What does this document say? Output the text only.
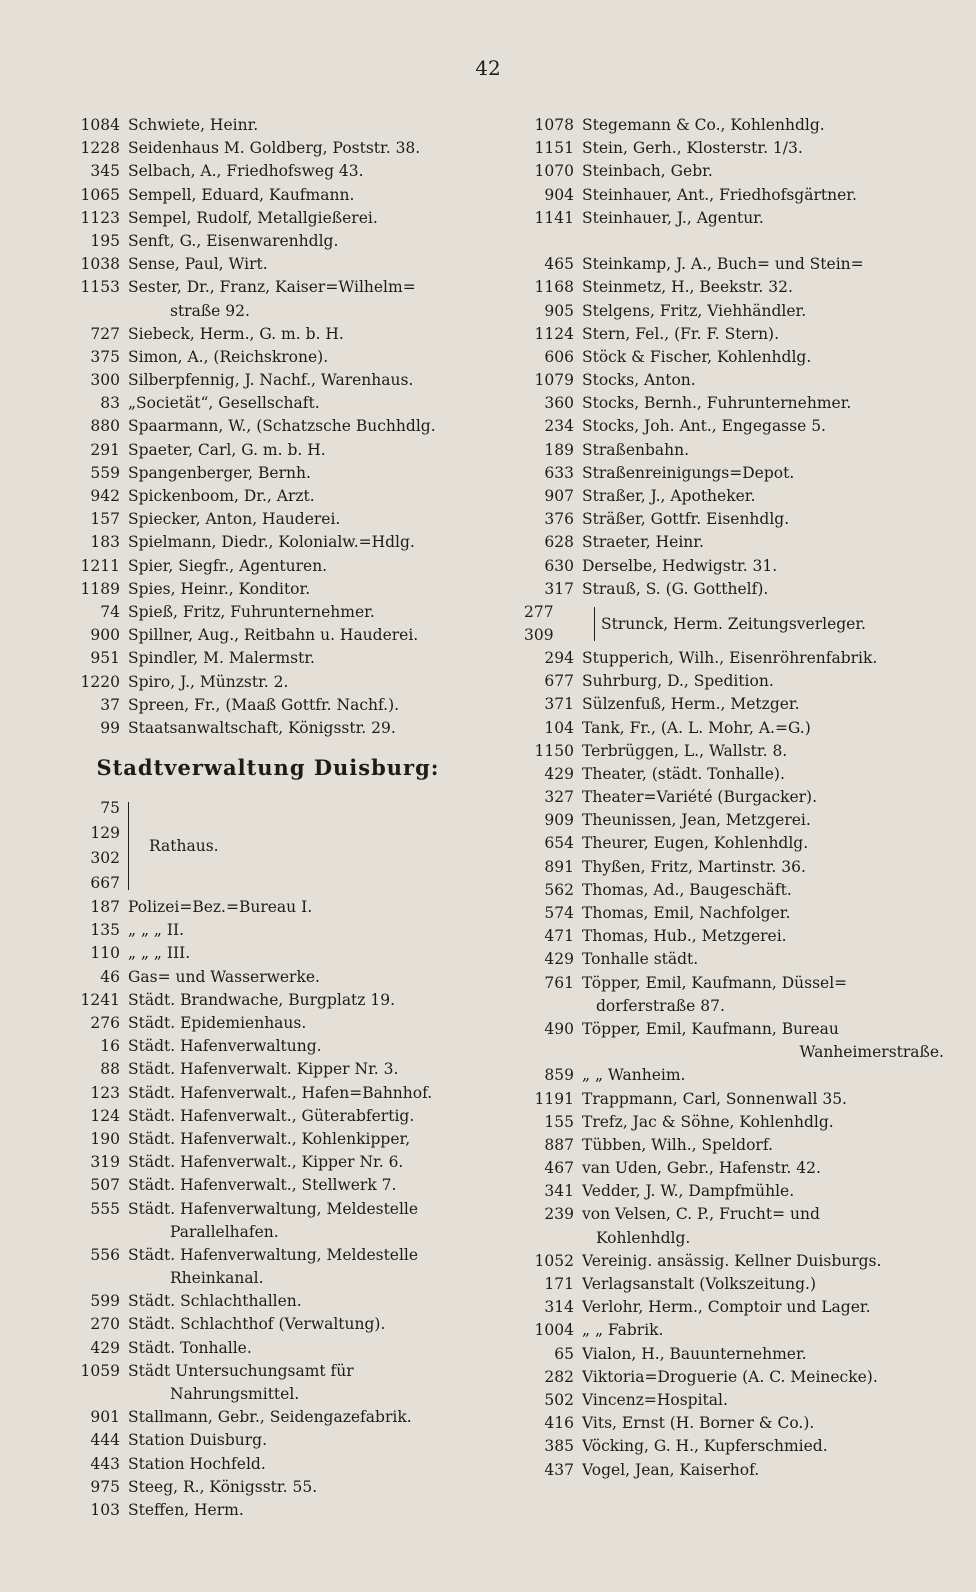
42
1084 Schwiete, Heinr.
1228 Seidenhaus M. Goldberg, Poststr. 38.
345 Selbach, A., Friedhofsweg 43.
1065 Sempell, Eduard, Kaufmann.
1123 Sempel, Rudolf, Metallgießerei.
195 Senft, G., Eisenwarenhdlg.
1038 Sense, Paul, Wirt.
1153 Sester, Dr., Franz, Kaiser=Wilhelm=
straße 92.
727 Siebeck, Herm., G. m. b. H.
375 Simon, A., (Reichskrone).
300 Silberpfennig, J. Nachf., Warenhaus.
83 „Societät“, Gesellschaft.
880 Spaarmann, W., (Schatzsche Buchhdlg.
291 Spaeter, Carl, G. m. b. H.
559 Spangenberger, Bernh.
942 Spickenboom, Dr., Arzt.
157 Spiecker, Anton, Hauderei.
183 Spielmann, Diedr., Kolonialw.=Hdlg.
1211 Spier, Siegfr., Agenturen.
1189 Spies, Heinr., Konditor.
74 Spieß, Fritz, Fuhrunternehmer.
900 Spillner, Aug., Reitbahn u. Hauderei.
951 Spindler, M. Malermstr.
1220 Spiro, J., Münzstr. 2.
37 Spreen, Fr., (Maaß Gottfr. Nachf.).
99 Staatsanwaltschaft, Königsstr. 29.
Stadtverwaltung Duisburg:
75
129
302
667
Rathaus.
187 Polizei=Bez.=Bureau I.
135 „ „ „ II.
110 „ „ „ III.
46 Gas= und Wasserwerke.
1241 Städt. Brandwache, Burgplatz 19.
276 Städt. Epidemienhaus.
16 Städt. Hafenverwaltung.
88 Städt. Hafenverwalt. Kipper Nr. 3.
123 Städt. Hafenverwalt., Hafen=Bahnhof.
124 Städt. Hafenverwalt., Güterabfertig.
190 Städt. Hafenverwalt., Kohlenkipper,
319 Städt. Hafenverwalt., Kipper Nr. 6.
507 Städt. Hafenverwalt., Stellwerk 7.
555 Städt. Hafenverwaltung, Meldestelle
Parallelhafen.
556 Städt. Hafenverwaltung, Meldestelle
Rheinkanal.
599 Städt. Schlachthallen.
270 Städt. Schlachthof (Verwaltung).
429 Städt. Tonhalle.
1059 Städt Untersuchungsamt für
Nahrungsmittel.
901 Stallmann, Gebr., Seidengazefabrik.
444 Station Duisburg.
443 Station Hochfeld.
975 Steeg, R., Königsstr. 55.
103 Steffen, Herm.
1078 Stegemann & Co., Kohlenhdlg.
1151 Stein, Gerh., Klosterstr. 1/3.
1070 Steinbach, Gebr.
904 Steinhauer, Ant., Friedhofsgärtner.
1141 Steinhauer, J., Agentur.
465 Steinkamp, J. A., Buch= und Stein=
1168 Steinmetz, H., Beekstr. 32.
905 Stelgens, Fritz, Viehhändler.
1124 Stern, Fel., (Fr. F. Stern).
606 Stöck & Fischer, Kohlenhdlg.
1079 Stocks, Anton.
360 Stocks, Bernh., Fuhrunternehmer.
234 Stocks, Joh. Ant., Engegasse 5.
189 Straßenbahn.
633 Straßenreinigungs=Depot.
907 Straßer, J., Apotheker.
376 Sträßer, Gottfr. Eisenhdlg.
628 Straeter, Heinr.
630 Derselbe, Hedwigstr. 31.
317 Strauß, S. (G. Gotthelf).
277
309
Strunck, Herm. Zeitungsverleger.
294 Stupperich, Wilh., Eisenröhrenfabrik.
677 Suhrburg, D., Spedition.
371 Sülzenfuß, Herm., Metzger.
104 Tank, Fr., (A. L. Mohr, A.=G.)
1150 Terbrüggen, L., Wallstr. 8.
429 Theater, (städt. Tonhalle).
327 Theater=Variété (Burgacker).
909 Theunissen, Jean, Metzgerei.
654 Theurer, Eugen, Kohlenhdlg.
891 Thyßen, Fritz, Martinstr. 36.
562 Thomas, Ad., Baugeschäft.
574 Thomas, Emil, Nachfolger.
471 Thomas, Hub., Metzgerei.
429 Tonhalle städt.
761 Töpper, Emil, Kaufmann, Düssel=
dorferstraße 87.
490 Töpper, Emil, Kaufmann, Bureau
Wanheimerstraße.
859 „ „ Wanheim.
1191 Trappmann, Carl, Sonnenwall 35.
155 Trefz, Jac & Söhne, Kohlenhdlg.
887 Tübben, Wilh., Speldorf.
467 van Uden, Gebr., Hafenstr. 42.
341 Vedder, J. W., Dampfmühle.
239 von Velsen, C. P., Frucht= und
Kohlenhdlg.
1052 Vereinig. ansässig. Kellner Duisburgs.
171 Verlagsanstalt (Volkszeitung.)
314 Verlohr, Herm., Comptoir und Lager.
1004 „ „ Fabrik.
65 Vialon, H., Bauunternehmer.
282 Viktoria=Droguerie (A. C. Meinecke).
502 Vincenz=Hospital.
416 Vits, Ernst (H. Borner & Co.).
385 Vöcking, G. H., Kupferschmied.
437 Vogel, Jean, Kaiserhof.
